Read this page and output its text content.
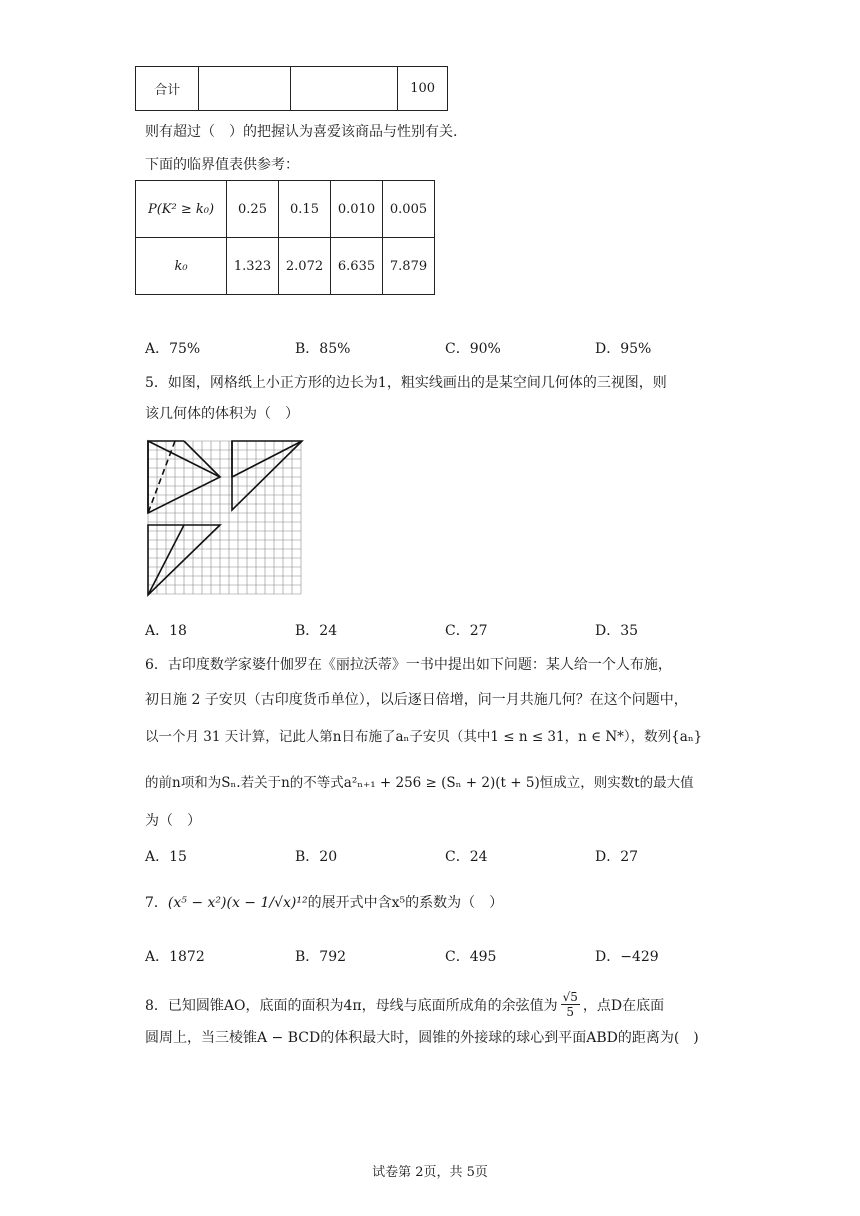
合计			100
则有超过（　）的把握认为喜爱该商品与性别有关.
下面的临界值表供参考：
P(K² ≥ k₀)	0.25	0.15	0.010	0.005
k₀	1.323	2.072	6.635	7.879
A．75%	B．85%	C．90%	D．95%
5．如图，网格纸上小正方形的边长为1，粗实线画出的是某空间几何体的三视图，则
该几何体的体积为（　）
A．18	B．24	C．27	D．35
6．古印度数学家婆什伽罗在《丽拉沃蒂》一书中提出如下问题：某人给一个人布施，
初日施 2 子安贝（古印度货币单位），以后逐日倍增，问一月共施几何？在这个问题中，
以一个月 31 天计算，记此人第n日布施了aₙ子安贝（其中1 ≤ n ≤ 31，n ∈ N*），数列{aₙ}
的前n项和为Sₙ.若关于n的不等式a²ₙ₊₁ + 256 ≥ (Sₙ + 2)(t + 5)恒成立，则实数t的最大值
为（　）
A．15	B．20	C．24	D．27
7．(x⁵ − x²)(x − 1/√x)¹²的展开式中含x⁵的系数为（　）
A．1872	B．792	C．495	D．−429
8．已知圆锥AO，底面的面积为4π，母线与底面所成角的余弦值为 $\frac{√5}{5}$ ，点D在底面
圆周上，当三棱锥A − BCD的体积最大时，圆锥的外接球的球心到平面ABD的距离为(　)
试卷第 2页，共 5页
